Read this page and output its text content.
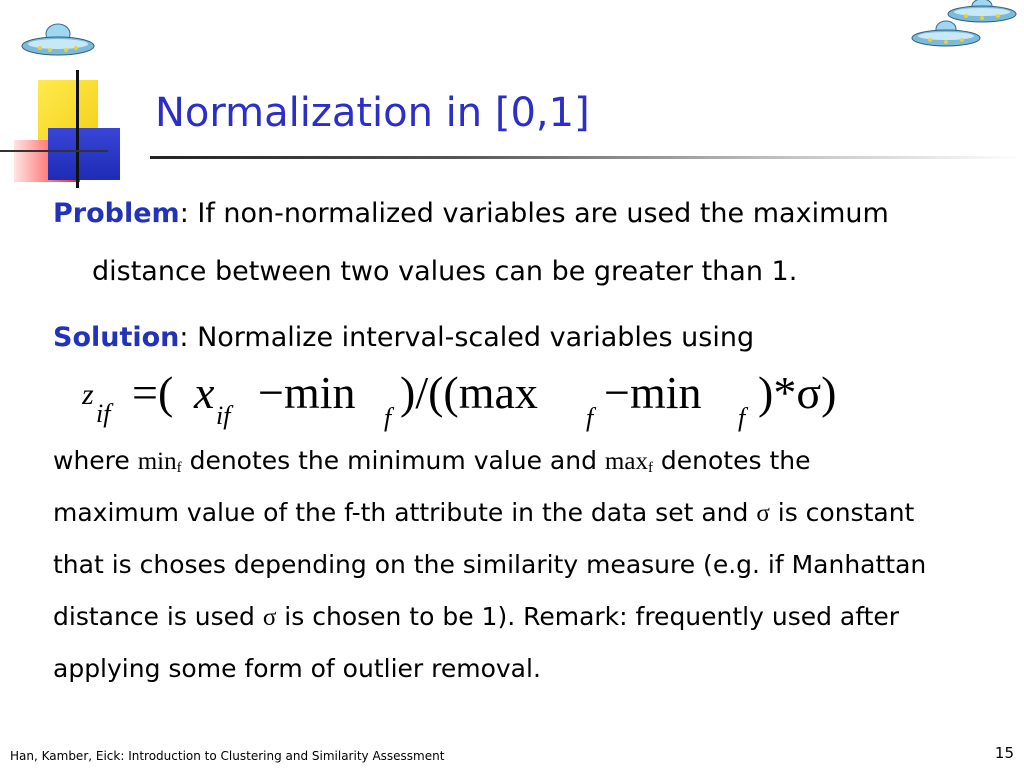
Normalization in [0,1]
Problem: If non-normalized variables are used the maximum
distance between two values can be greater than 1.
Solution: Normalize interval-scaled variables using
z
if =( x if −min f )/((max f −min f )*σ)
where $\min_f$ denotes the minimum value and $\max_f$ denotes the
maximum value of the f-th attribute in the data set and σ is constant
that is choses depending on the similarity measure (e.g. if Manhattan
distance is used σ is chosen to be 1). Remark: frequently used after
applying some form of outlier removal.
Han, Kamber, Eick: Introduction to Clustering and Similarity Assessment	15
